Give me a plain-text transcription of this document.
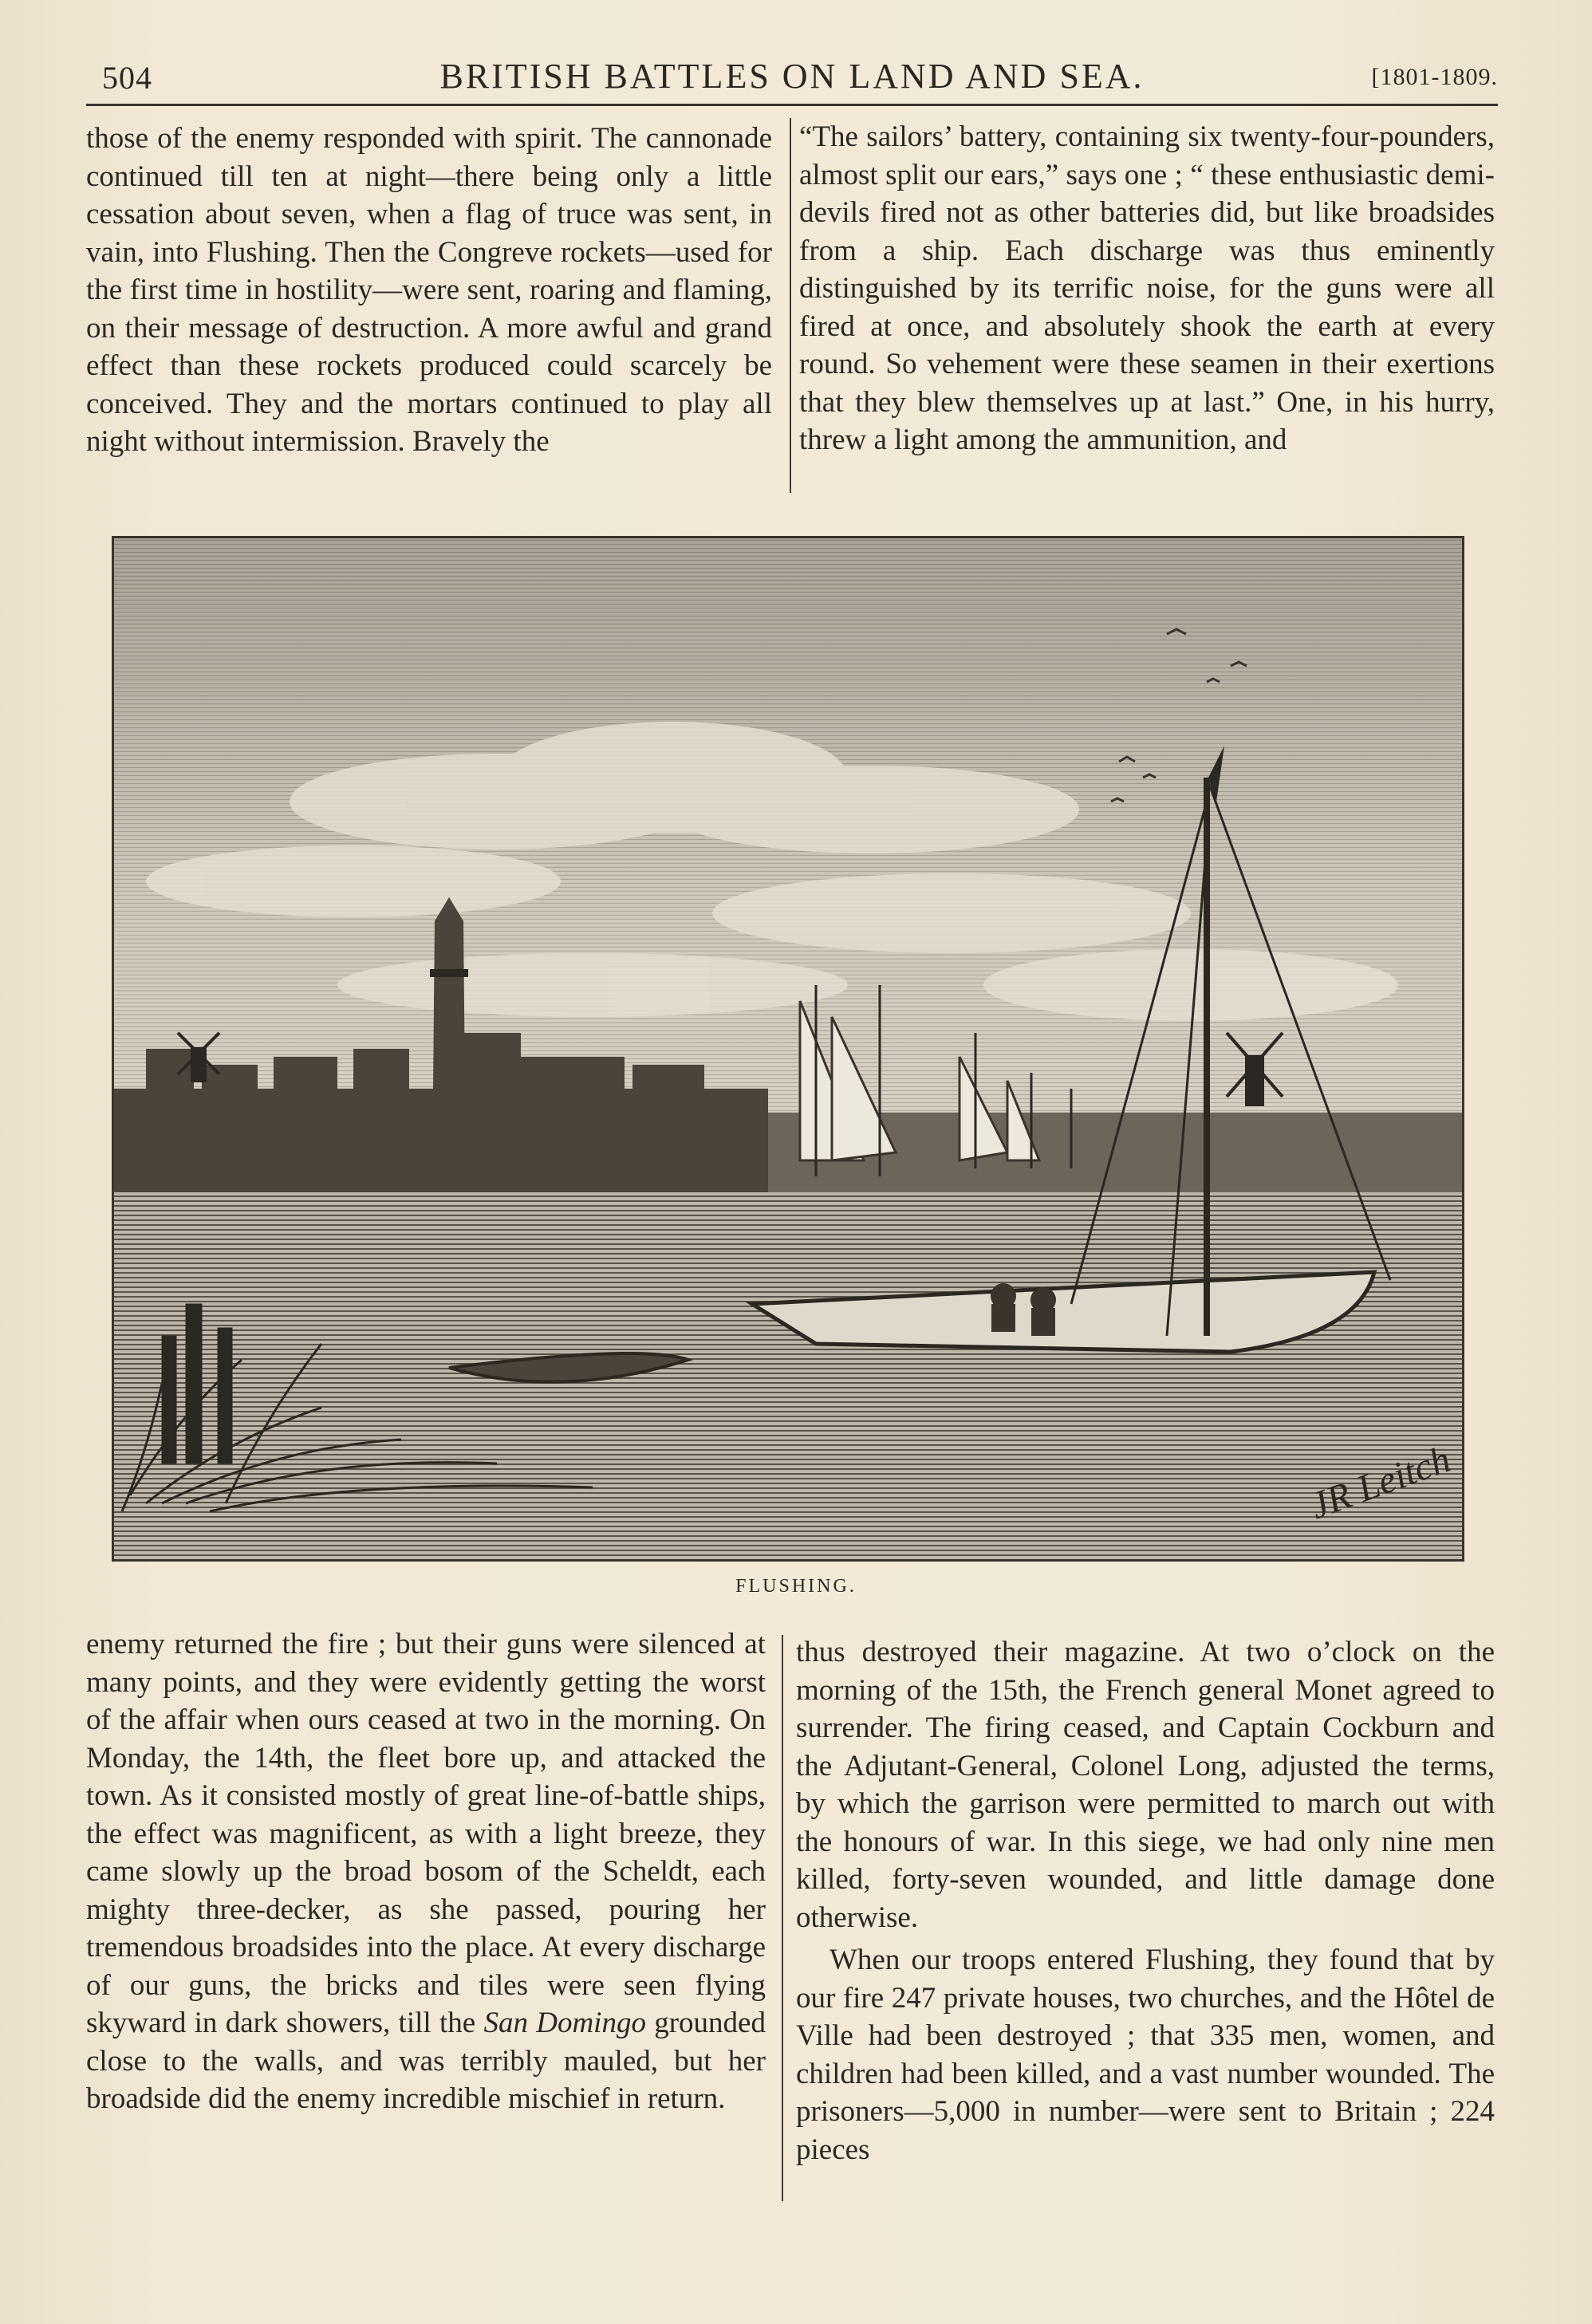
504	BRITISH BATTLES ON LAND AND SEA.	[1801-1809.

those of the enemy responded with spirit. The cannonade continued till ten at night—there being only a little cessation about seven, when a flag of truce was sent, in vain, into Flushing. Then the Congreve rockets—used for the first time in hostility—were sent, roaring and flaming, on their message of destruction. A more awful and grand effect than these rockets produced could scarcely be conceived. They and the mortars continued to play all night without intermission. Bravely the

“The sailors’ battery, containing six twenty-four-pounders, almost split our ears,” says one ; “ these enthusiastic demi-devils fired not as other batteries did, but like broadsides from a ship. Each discharge was thus eminently distinguished by its terrific noise, for the guns were all fired at once, and absolutely shook the earth at every round. So vehement were these seamen in their exertions that they blew themselves up at last.” One, in his hurry, threw a light among the ammunition, and

JR Leitch
FLUSHING.

enemy returned the fire ; but their guns were silenced at many points, and they were evidently getting the worst of the affair when ours ceased at two in the morning. On Monday, the 14th, the fleet bore up, and attacked the town. As it consisted mostly of great line-of-battle ships, the effect was magnificent, as with a light breeze, they came slowly up the broad bosom of the Scheldt, each mighty three-decker, as she passed, pouring her tremendous broadsides into the place. At every discharge of our guns, the bricks and tiles were seen flying skyward in dark showers, till the San Domingo grounded close to the walls, and was terribly mauled, but her broadside did the enemy incredible mischief in return.

thus destroyed their magazine. At two o’clock on the morning of the 15th, the French general Monet agreed to surrender. The firing ceased, and Captain Cockburn and the Adjutant-General, Colonel Long, adjusted the terms, by which the garrison were permitted to march out with the honours of war. In this siege, we had only nine men killed, forty-seven wounded, and little damage done otherwise.

When our troops entered Flushing, they found that by our fire 247 private houses, two churches, and the Hôtel de Ville had been destroyed ; that 335 men, women, and children had been killed, and a vast number wounded. The prisoners—5,000 in number—were sent to Britain ; 224 pieces
